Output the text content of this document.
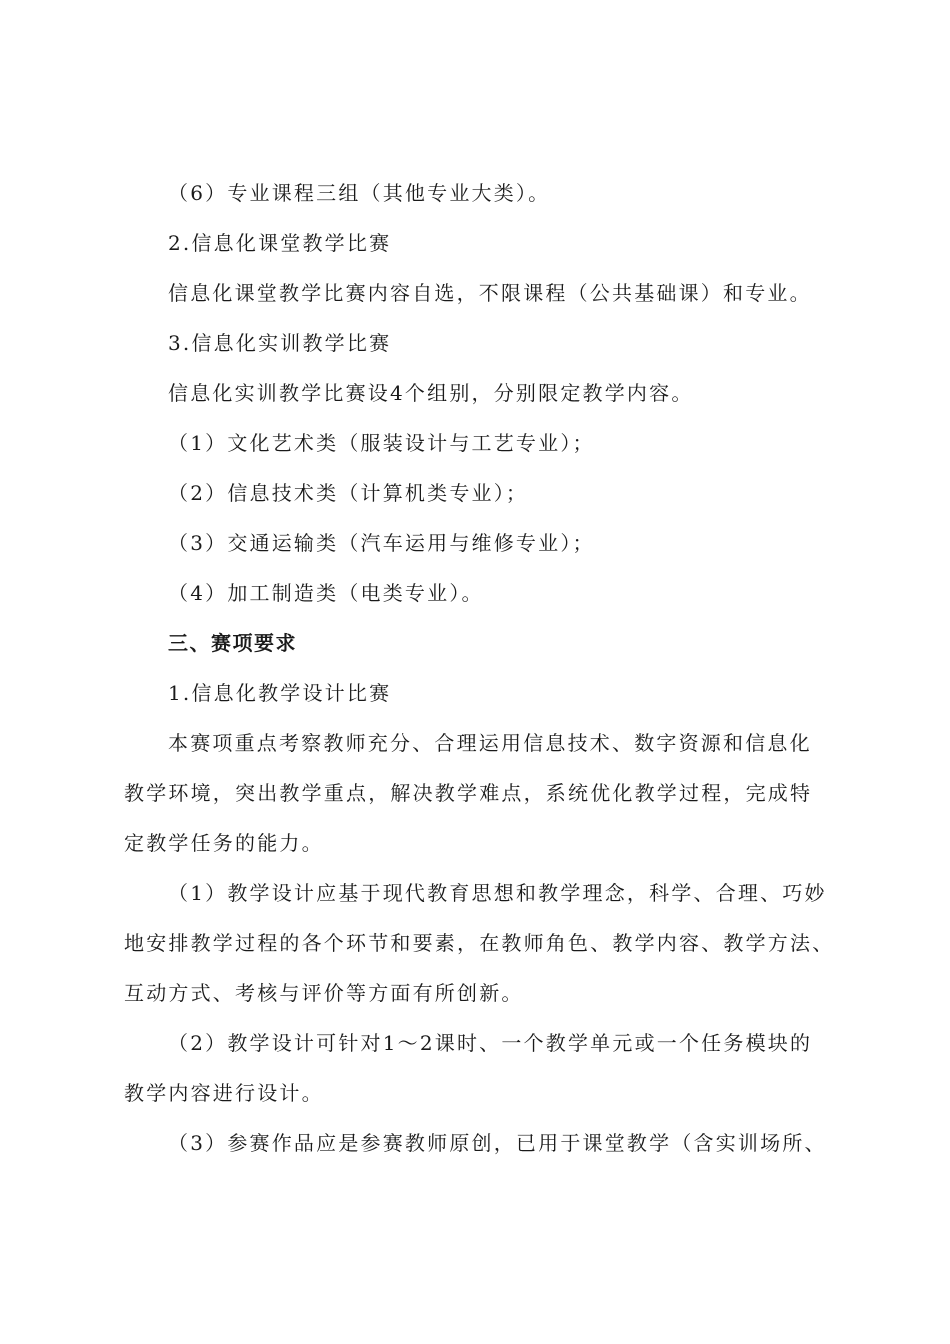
（6）专业课程三组（其他专业大类）。
2.信息化课堂教学比赛
信息化课堂教学比赛内容自选，不限课程（公共基础课）和专业。
3.信息化实训教学比赛
信息化实训教学比赛设4个组别，分别限定教学内容。
（1）文化艺术类（服装设计与工艺专业）；
（2）信息技术类（计算机类专业）；
（3）交通运输类（汽车运用与维修专业）；
（4）加工制造类（电类专业）。
三、赛项要求
1.信息化教学设计比赛
本赛项重点考察教师充分、合理运用信息技术、数字资源和信息化
教学环境，突出教学重点，解决教学难点，系统优化教学过程，完成特
定教学任务的能力。
（1）教学设计应基于现代教育思想和教学理念，科学、合理、巧妙
地安排教学过程的各个环节和要素，在教师角色、教学内容、教学方法、
互动方式、考核与评价等方面有所创新。
（2）教学设计可针对1～2课时、一个教学单元或一个任务模块的
教学内容进行设计。
（3）参赛作品应是参赛教师原创，已用于课堂教学（含实训场所、
